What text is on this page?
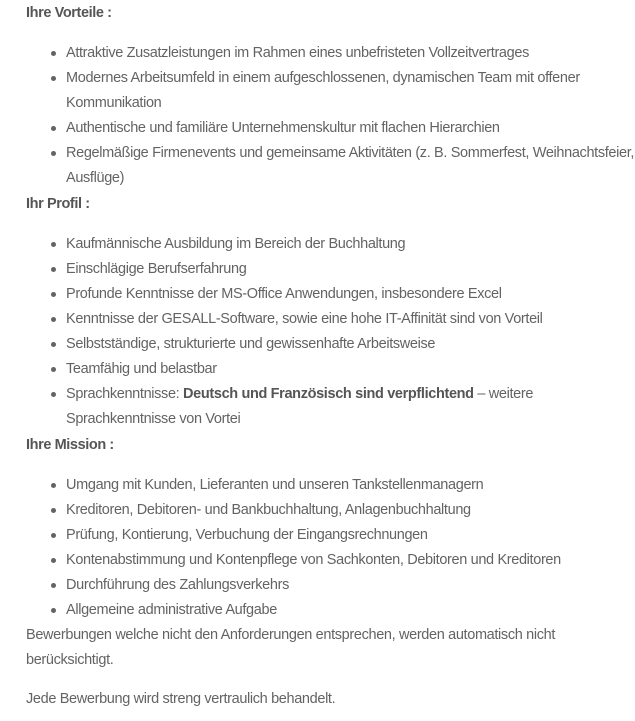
Ihre Vorteile :
Attraktive Zusatzleistungen im Rahmen eines unbefristeten Vollzeitvertrages
Modernes Arbeitsumfeld in einem aufgeschlossenen, dynamischen Team mit offener Kommunikation
Authentische und familiäre Unternehmenskultur mit flachen Hierarchien
Regelmäßige Firmenevents und gemeinsame Aktivitäten (z. B. Sommerfest, Weihnachtsfeier, Ausflüge)
Ihr Profil :
Kaufmännische Ausbildung im Bereich der Buchhaltung
Einschlägige Berufserfahrung
Profunde Kenntnisse der MS-Office Anwendungen, insbesondere Excel
Kenntnisse der GESALL-Software, sowie eine hohe IT-Affinität sind von Vorteil
Selbstständige, strukturierte und gewissenhafte Arbeitsweise
Teamfähig und belastbar
Sprachkenntnisse: Deutsch und Französisch sind verpflichtend – weitere Sprachkenntnisse von Vortei
Ihre Mission :
Umgang mit Kunden, Lieferanten und unseren Tankstellenmanagern
Kreditoren, Debitoren- und Bankbuchhaltung, Anlagenbuchhaltung
Prüfung, Kontierung, Verbuchung der Eingangsrechnungen
Kontenabstimmung und Kontenpflege von Sachkonten, Debitoren und Kreditoren
Durchführung des Zahlungsverkehrs
Allgemeine administrative Aufgabe
Bewerbungen welche nicht den Anforderungen entsprechen, werden automatisch nicht berücksichtigt.
Jede Bewerbung wird streng vertraulich behandelt.
